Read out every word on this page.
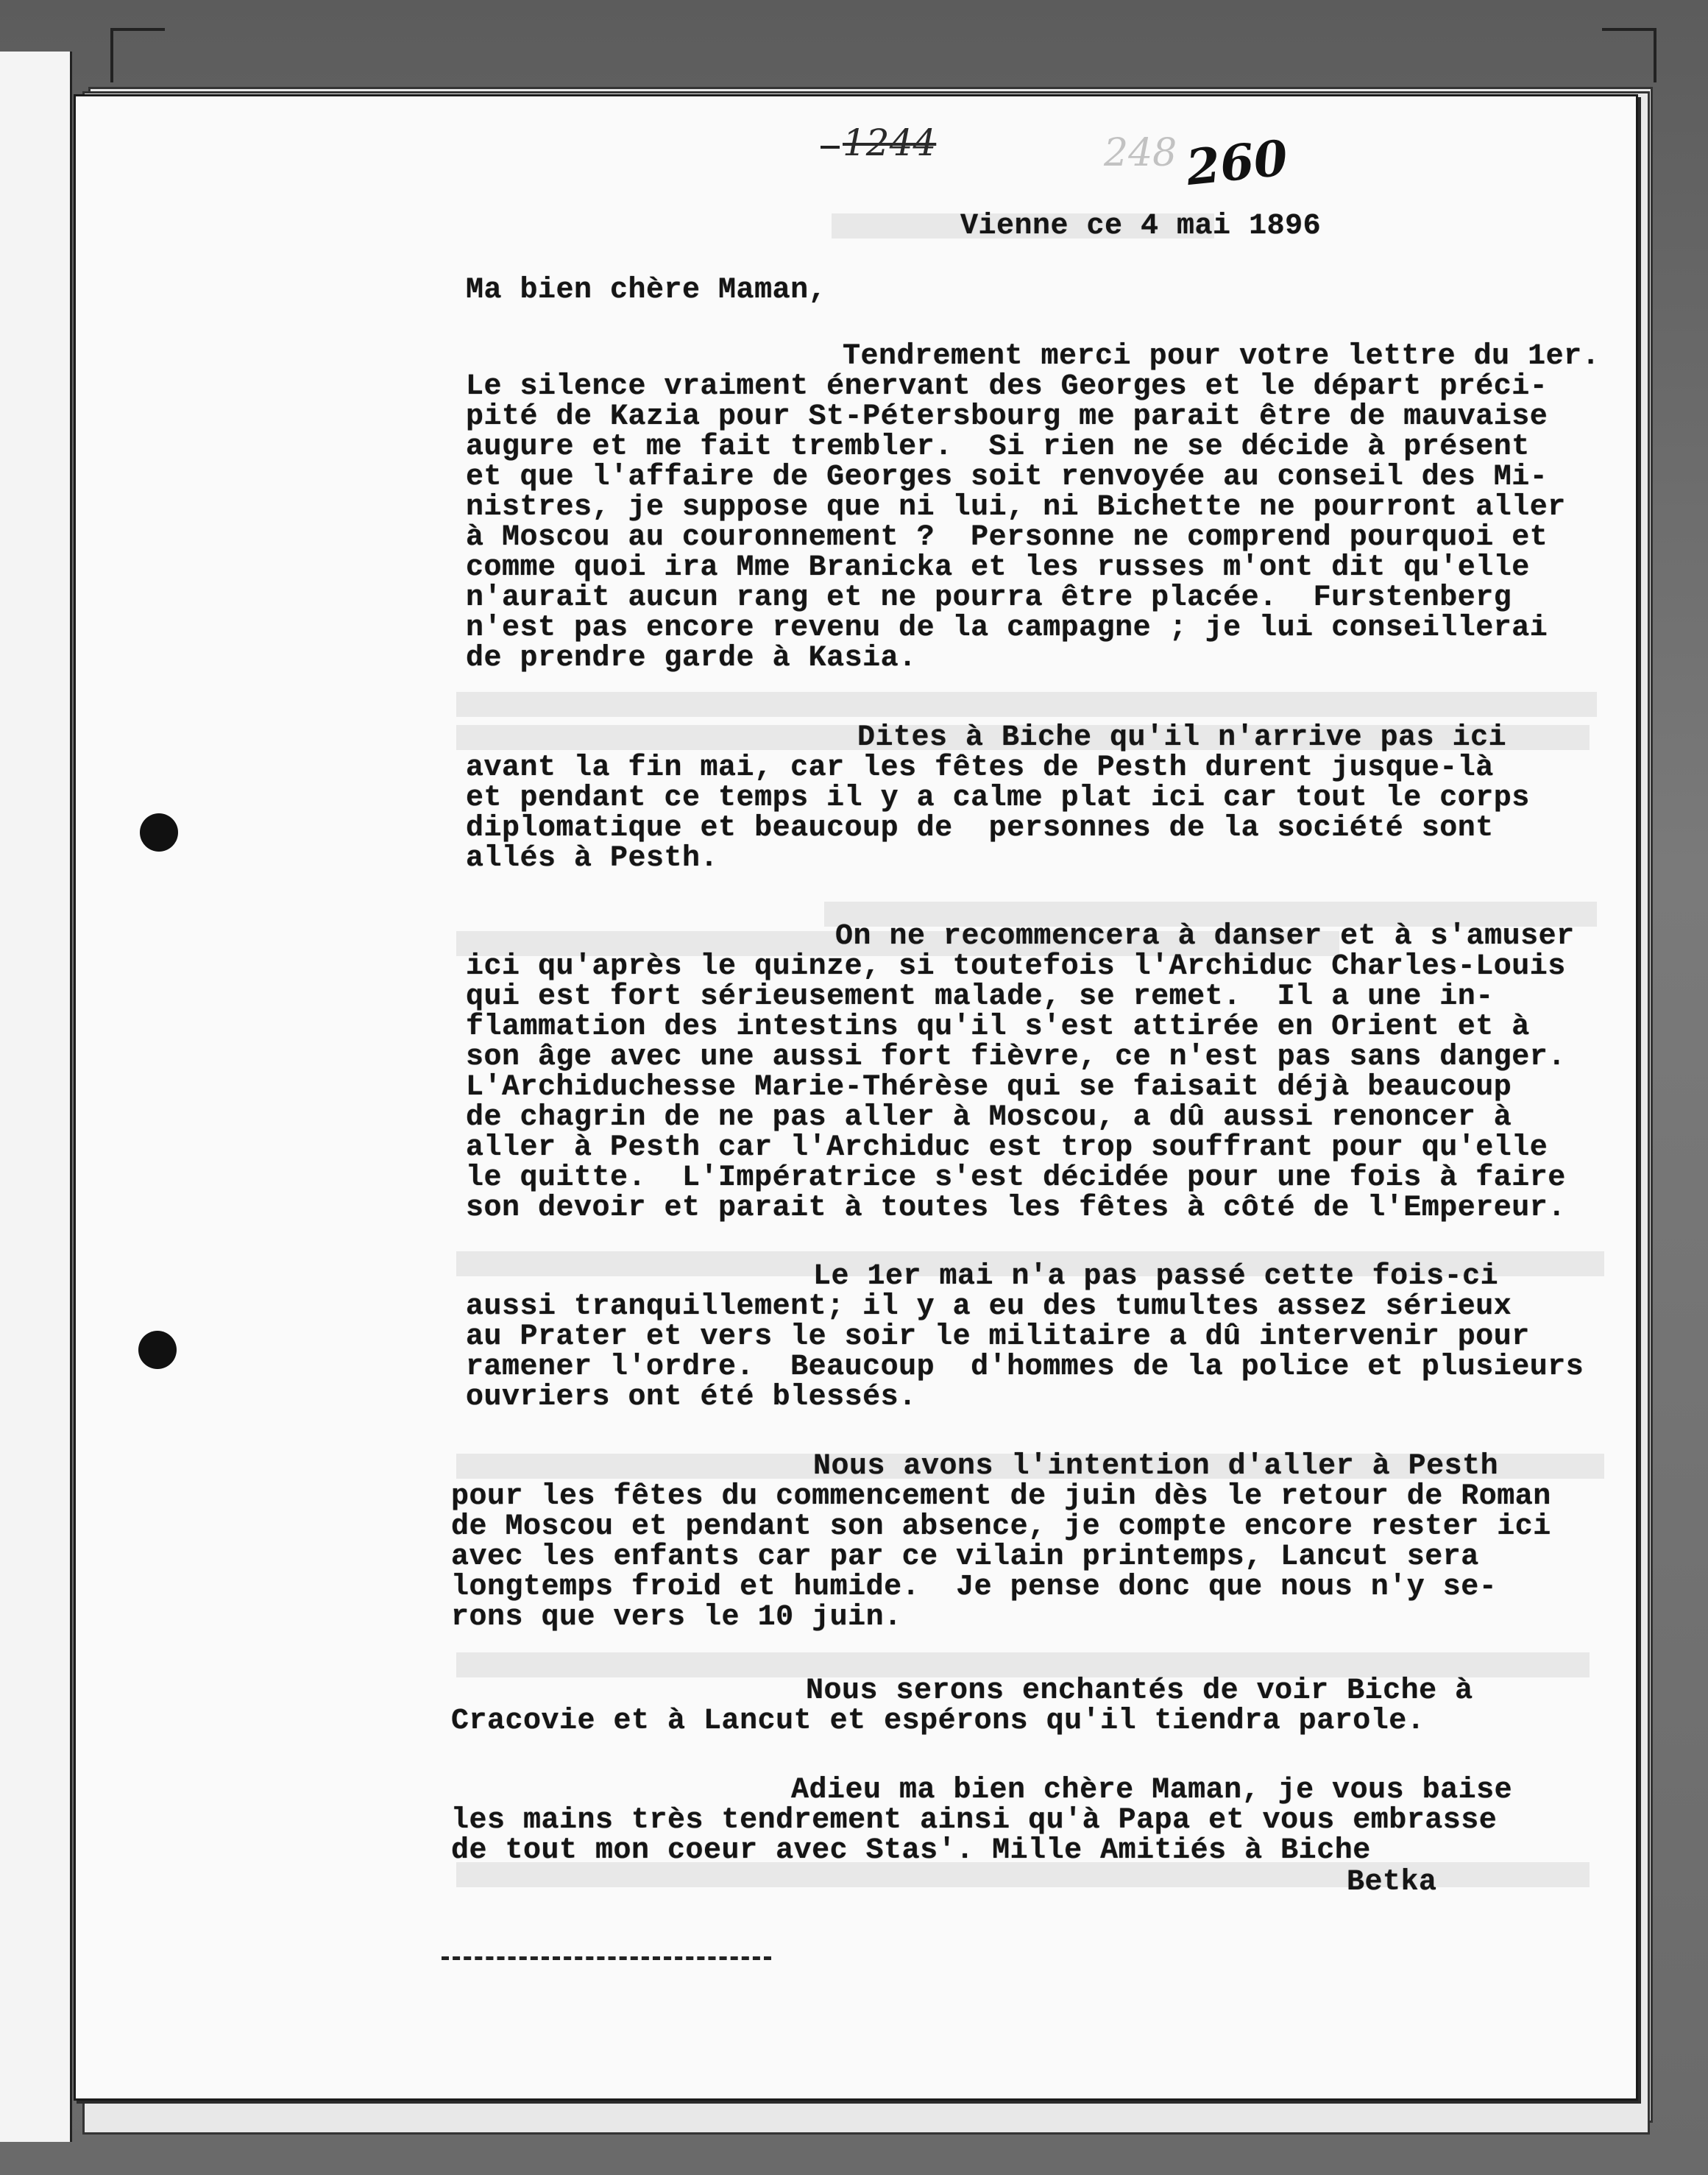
1244	248 260
Vienne ce 4 mai 1896
Ma bien chère Maman,
Tendrement merci pour votre lettre du 1er.
Le silence vraiment énervant des Georges et le départ préci-
pité de Kazia pour St-Pétersbourg me parait être de mauvaise
augure et me fait trembler.  Si rien ne se décide à présent
et que l'affaire de Georges soit renvoyée au conseil des Mi-
nistres, je suppose que ni lui, ni Bichette ne pourront aller
à Moscou au couronnement ?  Personne ne comprend pourquoi et
comme quoi ira Mme Branicka et les russes m'ont dit qu'elle
n'aurait aucun rang et ne pourra être placée.  Furstenberg
n'est pas encore revenu de la campagne ; je lui conseillerai
de prendre garde à Kasia.
Dites à Biche qu'il n'arrive pas ici
avant la fin mai, car les fêtes de Pesth durent jusque-là
et pendant ce temps il y a calme plat ici car tout le corps
diplomatique et beaucoup de  personnes de la société sont
allés à Pesth.
On ne recommencera à danser et à s'amuser
ici qu'après le quinze, si toutefois l'Archiduc Charles-Louis
qui est fort sérieusement malade, se remet.  Il a une in-
flammation des intestins qu'il s'est attirée en Orient et à
son âge avec une aussi fort fièvre, ce n'est pas sans danger.
L'Archiduchesse Marie-Thérèse qui se faisait déjà beaucoup
de chagrin de ne pas aller à Moscou, a dû aussi renoncer à
aller à Pesth car l'Archiduc est trop souffrant pour qu'elle
le quitte.  L'Impératrice s'est décidée pour une fois à faire
son devoir et parait à toutes les fêtes à côté de l'Empereur.
Le 1er mai n'a pas passé cette fois-ci
aussi tranquillement; il y a eu des tumultes assez sérieux
au Prater et vers le soir le militaire a dû intervenir pour
ramener l'ordre.  Beaucoup  d'hommes de la police et plusieurs
ouvriers ont été blessés.
Nous avons l'intention d'aller à Pesth
pour les fêtes du commencement de juin dès le retour de Roman
de Moscou et pendant son absence, je compte encore rester ici
avec les enfants car par ce vilain printemps, Lancut sera
longtemps froid et humide.  Je pense donc que nous n'y se-
rons que vers le 10 juin.
Nous serons enchantés de voir Biche à
Cracovie et à Lancut et espérons qu'il tiendra parole.
Adieu ma bien chère Maman, je vous baise
les mains très tendrement ainsi qu'à Papa et vous embrasse
de tout mon coeur avec Stas'. Mille Amitiés à Biche
Betka
